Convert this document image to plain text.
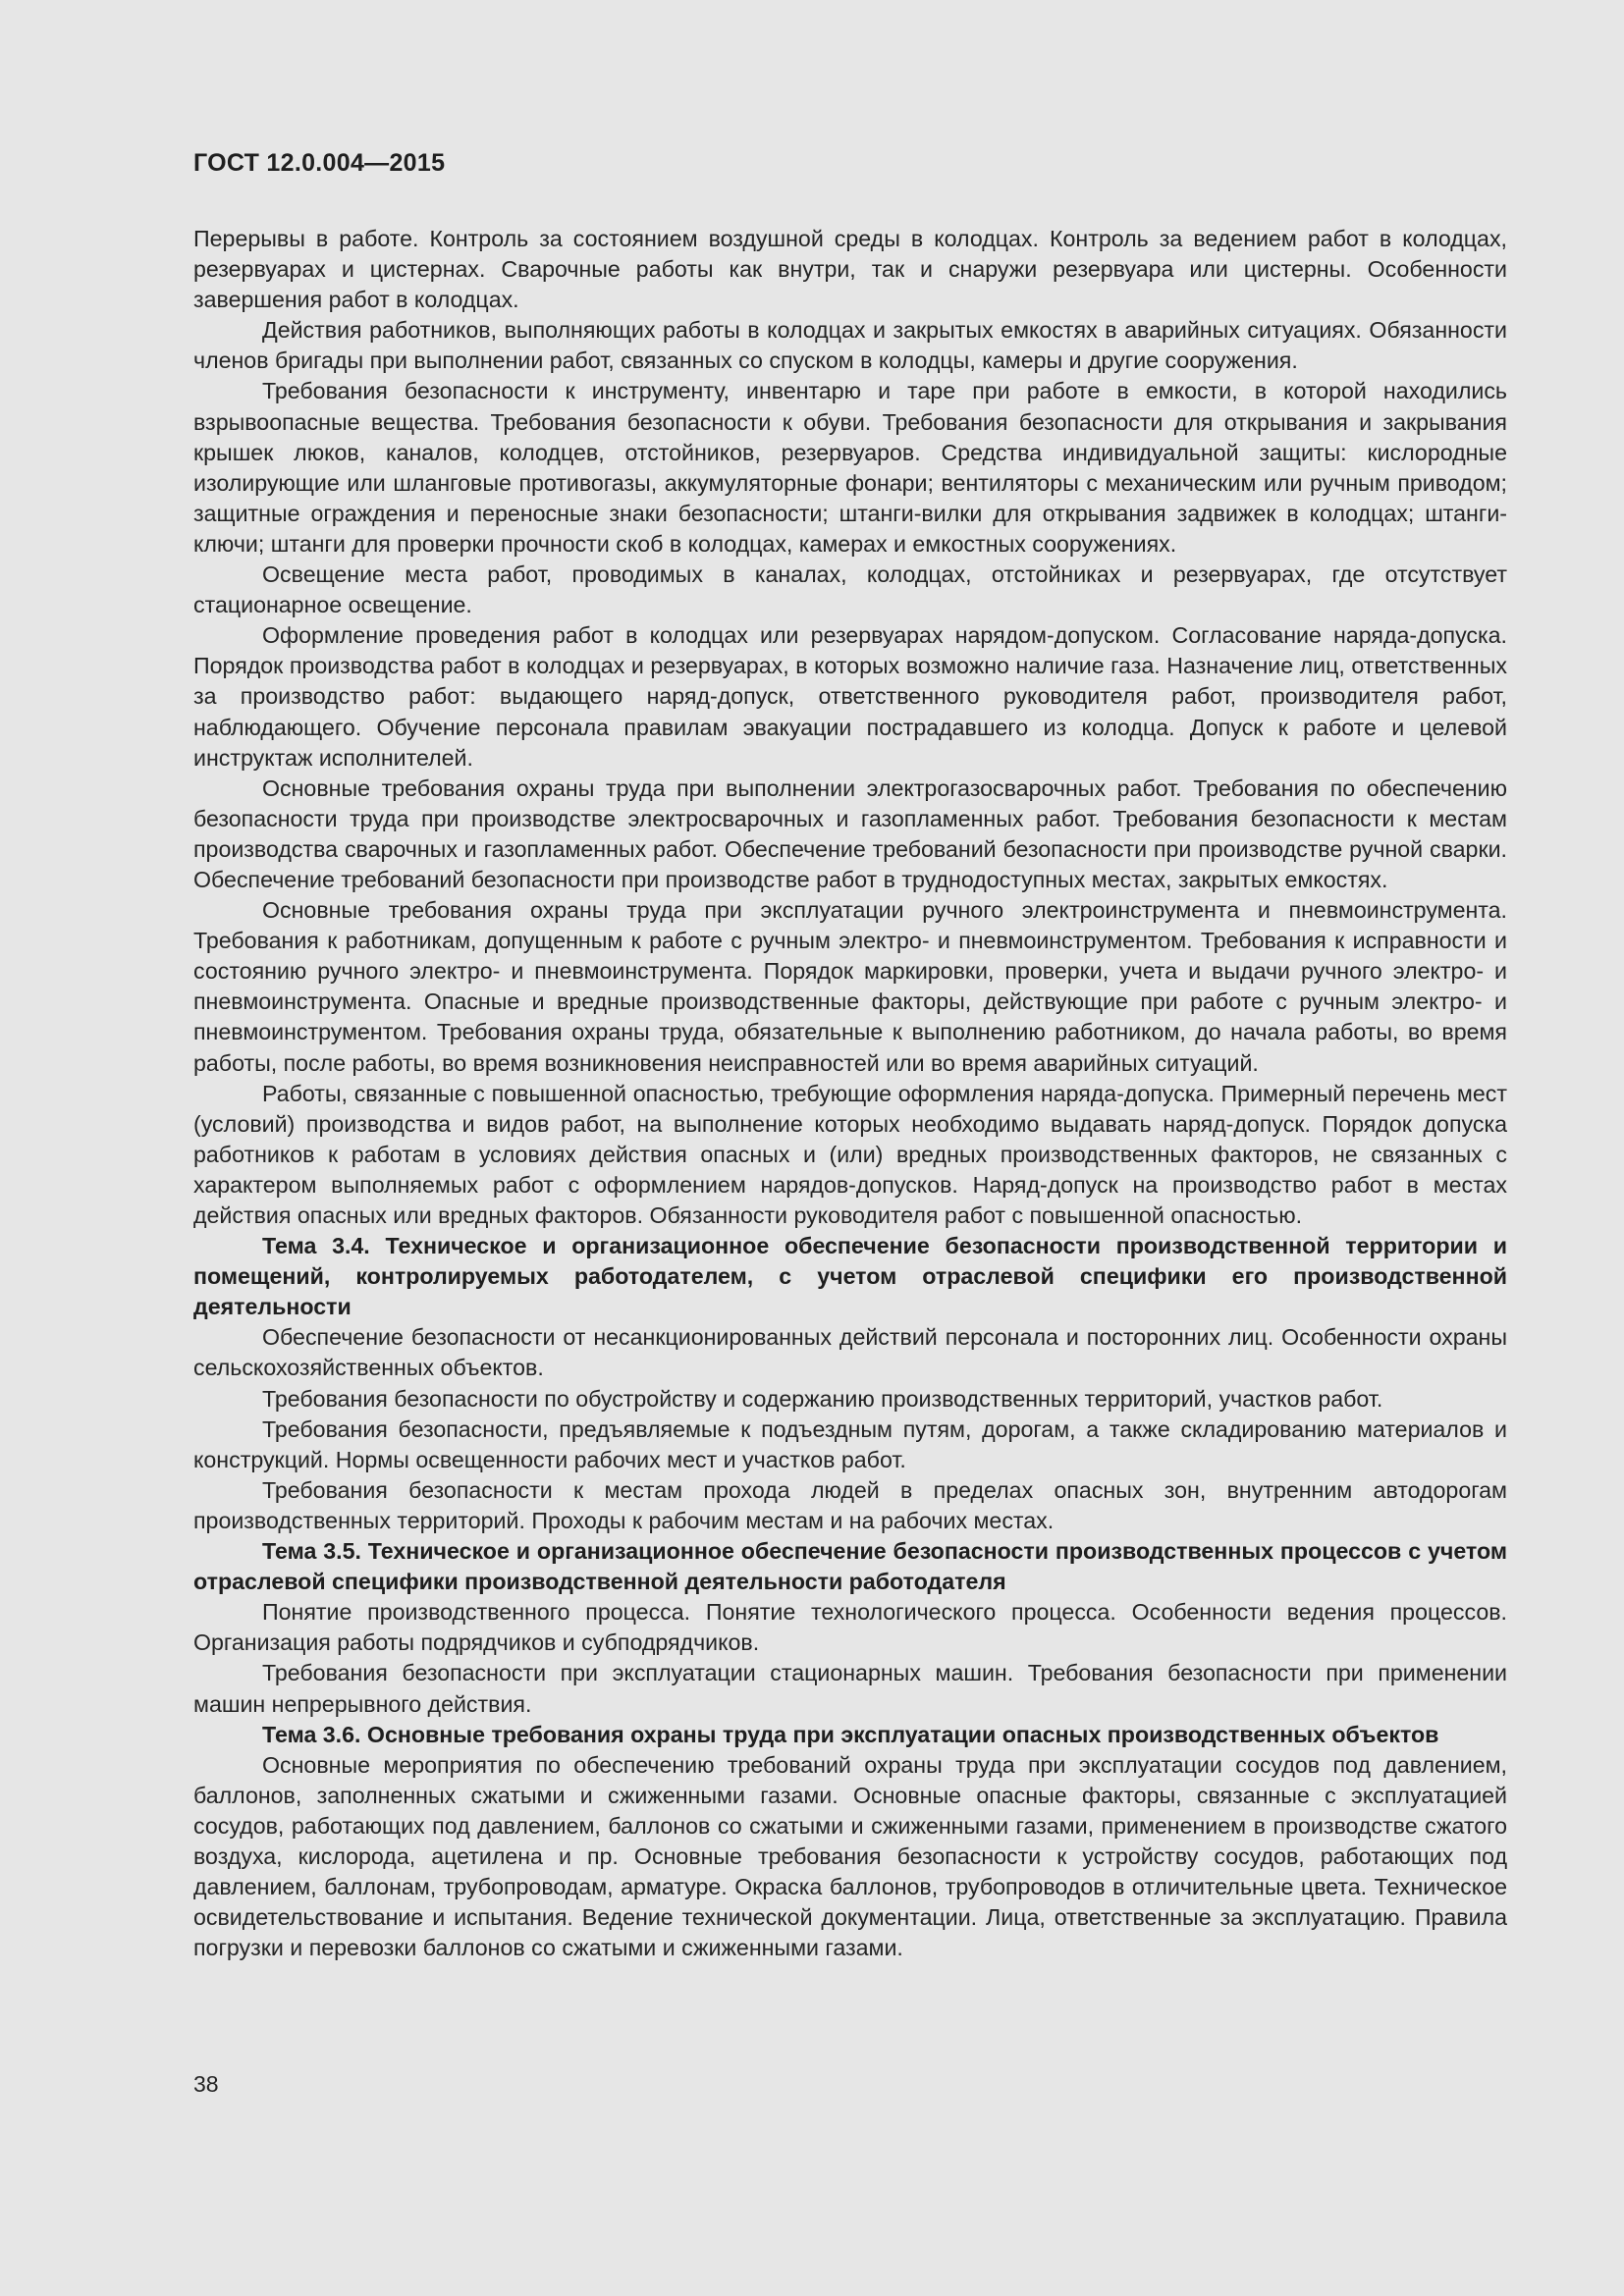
ГОСТ 12.0.004—2015

Перерывы в работе. Контроль за состоянием воздушной среды в колодцах. Контроль за ведением работ в колодцах, резервуарах и цистернах. Сварочные работы как внутри, так и снаружи резервуара или цистерны. Особенности завершения работ в колодцах.

Действия работников, выполняющих работы в колодцах и закрытых емкостях в аварийных ситуациях. Обязанности членов бригады при выполнении работ, связанных со спуском в колодцы, камеры и другие сооружения.

Требования безопасности к инструменту, инвентарю и таре при работе в емкости, в которой находились взрывоопасные вещества. Требования безопасности к обуви. Требования безопасности для открывания и закрывания крышек люков, каналов, колодцев, отстойников, резервуаров. Средства индивидуальной защиты: кислородные изолирующие или шланговые противогазы, аккумуляторные фонари; вентиляторы с механическим или ручным приводом; защитные ограждения и переносные знаки безопасности; штанги-вилки для открывания задвижек в колодцах; штанги-ключи; штанги для проверки прочности скоб в колодцах, камерах и емкостных сооружениях.

Освещение места работ, проводимых в каналах, колодцах, отстойниках и резервуарах, где отсутствует стационарное освещение.

Оформление проведения работ в колодцах или резервуарах нарядом-допуском. Согласование наряда-допуска. Порядок производства работ в колодцах и резервуарах, в которых возможно наличие газа. Назначение лиц, ответственных за производство работ: выдающего наряд-допуск, ответственного руководителя работ, производителя работ, наблюдающего. Обучение персонала правилам эвакуации пострадавшего из колодца. Допуск к работе и целевой инструктаж исполнителей.

Основные требования охраны труда при выполнении электрогазосварочных работ. Требования по обеспечению безопасности труда при производстве электросварочных и газопламенных работ. Требования безопасности к местам производства сварочных и газопламенных работ. Обеспечение требований безопасности при производстве ручной сварки. Обеспечение требований безопасности при производстве работ в труднодоступных местах, закрытых емкостях.

Основные требования охраны труда при эксплуатации ручного электроинструмента и пневмоинструмента. Требования к работникам, допущенным к работе с ручным электро- и пневмоинструментом. Требования к исправности и состоянию ручного электро- и пневмоинструмента. Порядок маркировки, проверки, учета и выдачи ручного электро- и пневмоинструмента. Опасные и вредные производственные факторы, действующие при работе с ручным электро- и пневмоинструментом. Требования охраны труда, обязательные к выполнению работником, до начала работы, во время работы, после работы, во время возникновения неисправностей или во время аварийных ситуаций.

Работы, связанные с повышенной опасностью, требующие оформления наряда-допуска. Примерный перечень мест (условий) производства и видов работ, на выполнение которых необходимо выдавать наряд-допуск. Порядок допуска работников к работам в условиях действия опасных и (или) вредных производственных факторов, не связанных с характером выполняемых работ с оформлением нарядов-допусков. Наряд-допуск на производство работ в местах действия опасных или вредных факторов. Обязанности руководителя работ с повышенной опасностью.

Тема 3.4. Техническое и организационное обеспечение безопасности производственной территории и помещений, контролируемых работодателем, с учетом отраслевой специфики его производственной деятельности

Обеспечение безопасности от несанкционированных действий персонала и посторонних лиц. Особенности охраны сельскохозяйственных объектов.

Требования безопасности по обустройству и содержанию производственных территорий, участков работ.

Требования безопасности, предъявляемые к подъездным путям, дорогам, а также складированию материалов и конструкций. Нормы освещенности рабочих мест и участков работ.

Требования безопасности к местам прохода людей в пределах опасных зон, внутренним автодорогам производственных территорий. Проходы к рабочим местам и на рабочих местах.

Тема 3.5. Техническое и организационное обеспечение безопасности производственных процессов с учетом отраслевой специфики производственной деятельности работодателя

Понятие производственного процесса. Понятие технологического процесса. Особенности ведения процессов. Организация работы подрядчиков и субподрядчиков.

Требования безопасности при эксплуатации стационарных машин. Требования безопасности при применении машин непрерывного действия.

Тема 3.6. Основные требования охраны труда при эксплуатации опасных производственных объектов

Основные мероприятия по обеспечению требований охраны труда при эксплуатации сосудов под давлением, баллонов, заполненных сжатыми и сжиженными газами. Основные опасные факторы, связанные с эксплуатацией сосудов, работающих под давлением, баллонов со сжатыми и сжиженными газами, применением в производстве сжатого воздуха, кислорода, ацетилена и пр. Основные требования безопасности к устройству сосудов, работающих под давлением, баллонам, трубопроводам, арматуре. Окраска баллонов, трубопроводов в отличительные цвета. Техническое освидетельствование и испытания. Ведение технической документации. Лица, ответственные за эксплуатацию. Правила погрузки и перевозки баллонов со сжатыми и сжиженными газами.

38
